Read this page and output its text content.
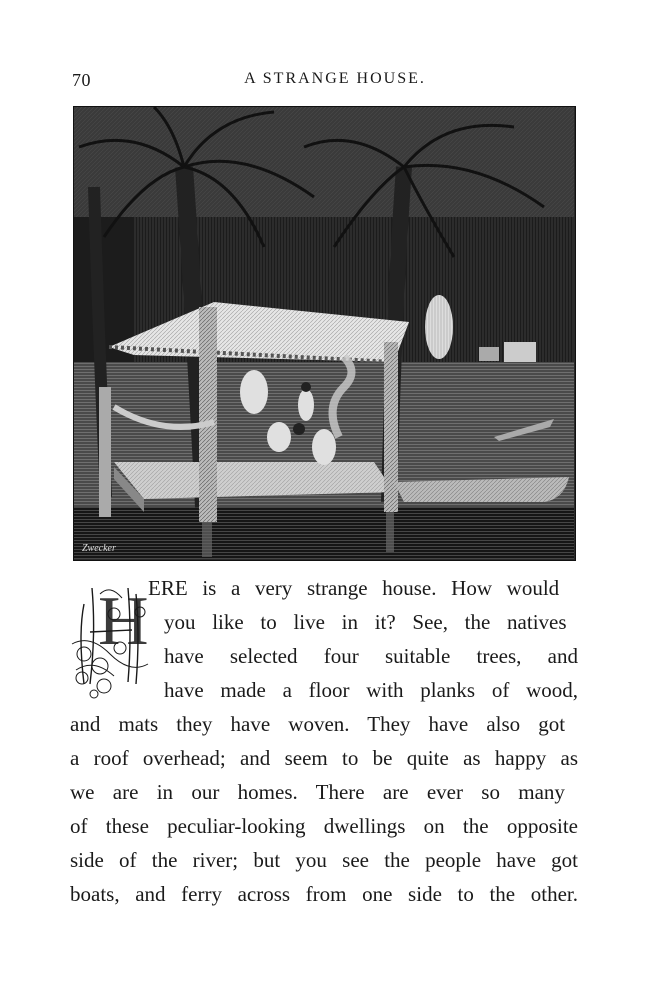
70	A STRANGE HOUSE.
Zwecker
H ERE is a very strange house. How would
you like to live in it? See, the natives
have selected four suitable trees, and
have made a floor with planks of wood,
and mats they have woven. They have also got
a roof overhead; and seem to be quite as happy as
we are in our homes. There are ever so many
of these peculiar-looking dwellings on the opposite
side of the river; but you see the people have got
boats, and ferry across from one side to the other.
